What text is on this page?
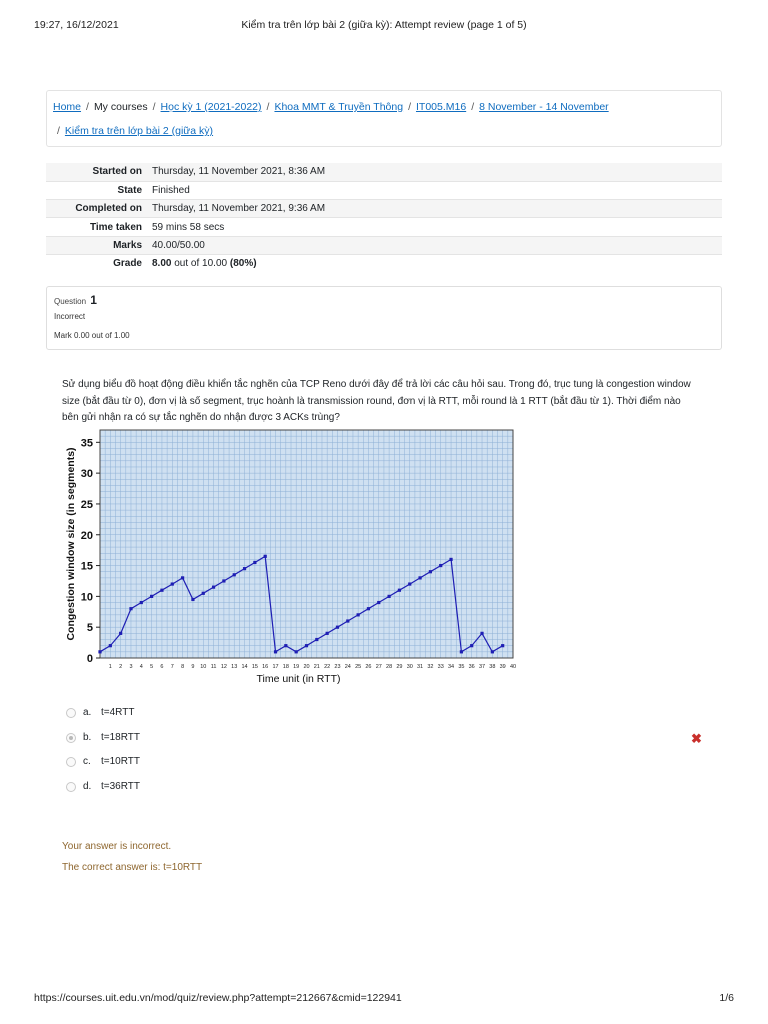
19:27, 16/12/2021	Kiểm tra trên lớp bài 2 (giữa kỳ): Attempt review (page 1 of 5)
Home / My courses / Học kỳ 1 (2021-2022) / Khoa MMT & Truyền Thông / IT005.M16 / 8 November - 14 November
/ Kiểm tra trên lớp bài 2 (giữa kỳ)
Started on	Thursday, 11 November 2021, 8:36 AM
State	Finished
Completed on	Thursday, 11 November 2021, 9:36 AM
Time taken	59 mins 58 secs
Marks	40.00/50.00
Grade	8.00 out of 10.00 (80%)
Question 1
Incorrect
Mark 0.00 out of 1.00
Sử dụng biểu đồ hoạt động điều khiển tắc nghẽn của TCP Reno dưới đây để trả lời các câu hỏi sau. Trong đó, trục tung là congestion window size (bắt đầu từ 0), đơn vị là số segment, trục hoành là transmission round, đơn vị là RTT, mỗi round là 1 RTT (bắt đầu từ 1). Thời điểm nào bên gửi nhận ra có sự tắc nghẽn do nhận được 3 ACKs trùng?
0
5
10
15
20
25
30
35
1 2 3 4 5 6 7 8 9 10 11 12 13 14 15 16 17 18 19 20 21 22 23 24 25 26 27 28 29 30 31 32 33 34 35 36 37 38 39 40
Time unit (in RTT)
Congestion window size (in segments)
a. t=4RTT
b. t=18RTT	✖
c. t=10RTT
d. t=36RTT
Your answer is incorrect.
The correct answer is: t=10RTT
https://courses.uit.edu.vn/mod/quiz/review.php?attempt=212667&cmid=122941	1/6
